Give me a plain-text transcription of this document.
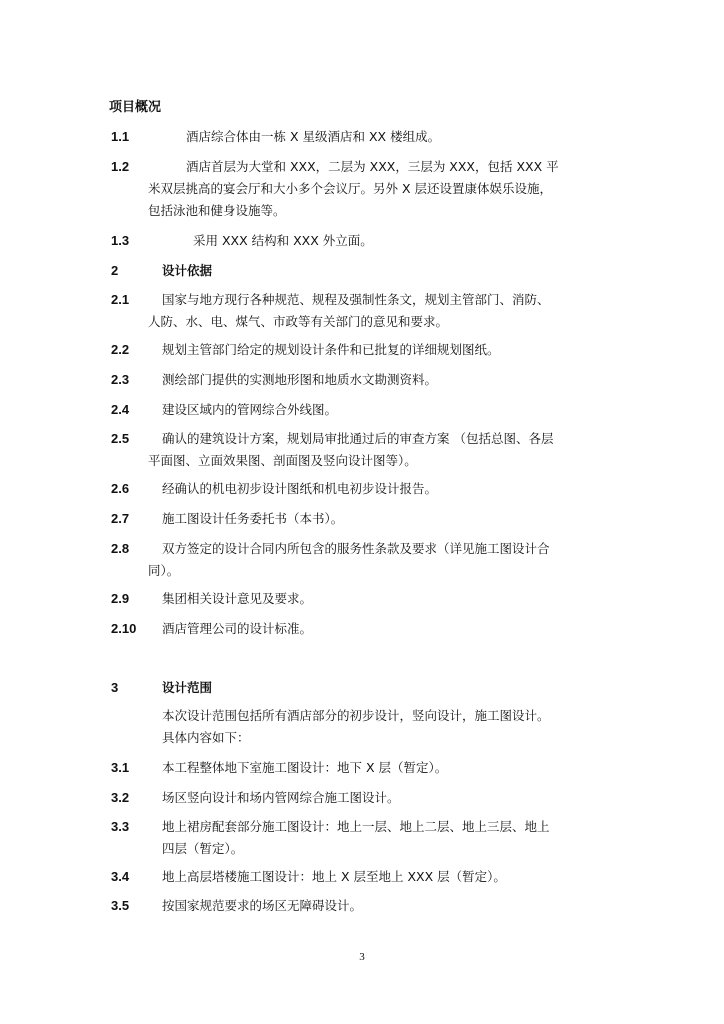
项目概况
1.1	酒店综合体由一栋 X 星级酒店和 XX 楼组成。
1.2	酒店首层为大堂和 XXX，二层为 XXX，三层为 XXX，包括 XXX 平
米双层挑高的宴会厅和大小多个会议厅。另外 X 层还设置康体娱乐设施，
包括泳池和健身设施等。
1.3	采用 XXX 结构和 XXX 外立面。
2	设计依据
2.1	国家与地方现行各种规范、规程及强制性条文，规划主管部门、消防、
人防、水、电、煤气、市政等有关部门的意见和要求。
2.2	规划主管部门给定的规划设计条件和已批复的详细规划图纸。
2.3	测绘部门提供的实测地形图和地质水文勘测资料。
2.4	建设区域内的管网综合外线图。
2.5	确认的建筑设计方案，规划局审批通过后的审查方案 （包括总图、各层
平面图、立面效果图、剖面图及竖向设计图等）。
2.6	经确认的机电初步设计图纸和机电初步设计报告。
2.7	施工图设计任务委托书（本书）。
2.8	双方签定的设计合同内所包含的服务性条款及要求（详见施工图设计合
同）。
2.9	集团相关设计意见及要求。
2.10 酒店管理公司的设计标准。
3	设计范围
本次设计范围包括所有酒店部分的初步设计，竖向设计，施工图设计。
具体内容如下：
3.1	本工程整体地下室施工图设计：地下 X 层（暂定）。
3.2	场区竖向设计和场内管网综合施工图设计。
3.3	地上裙房配套部分施工图设计：地上一层、地上二层、地上三层、地上
四层（暂定）。
3.4	地上高层塔楼施工图设计：地上 X 层至地上 XXX 层（暂定）。
3.5	按国家规范要求的场区无障碍设计。
3
